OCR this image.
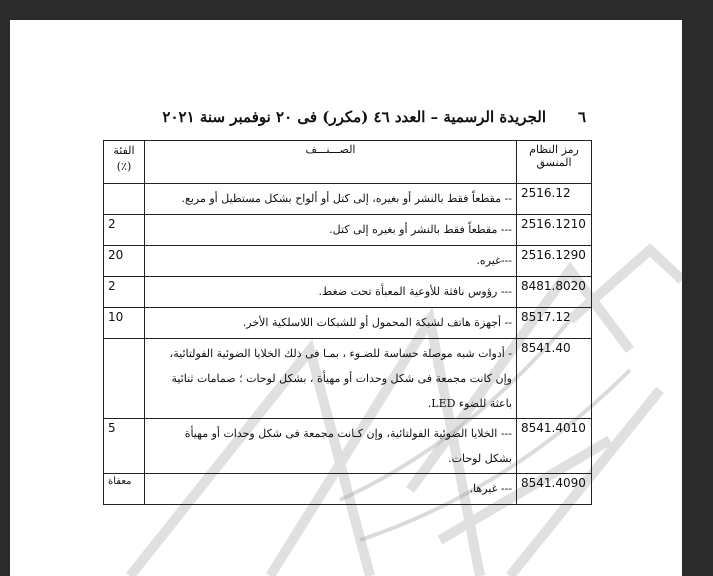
٦
الجريدة الرسمية – العدد ٤٦ (مكرر) فى ٢٠ نوفمبر سنة ٢٠٢١
رمز النظام
المنسق	الصـــنـــف	الفئة
(٪)

2516.12	-- مقطعاً فقط بالنشر أو بغيره، إلى كتل أو ألواح بشكل مستطيل أو مربع.	
2516.1210	--- مقطعاً فقط بالنشر أو بغيره إلى كتل.	2
2516.1290	---غيره.	20
8481.8020	--- رؤوس نافثة للأوعية المعبأة تحت ضغط.	2
8517.12	-- أجهزة هاتف لشبكة المحمول أو للشبكات اللاسلكية الأخر.	10
8541.40	- أدوات شبه موصلة حساسة للضـوء ، بمـا فى ذلك الخلايا الضوئية الفولتائية،
وإن كانت مجمعة فى شكل وحدات أو مهيأة ، بشكل لوحات ؛ صمامات ثنائية
باعثة للضوء LED.	

8541.4010	--- الخلايا الضوئية الفولتائية، وإن كـانت مجمعة فى شكل وحدات أو مهيأة
بشكل لوحات.	5
8541.4090	--- غيرها.	معفاة
